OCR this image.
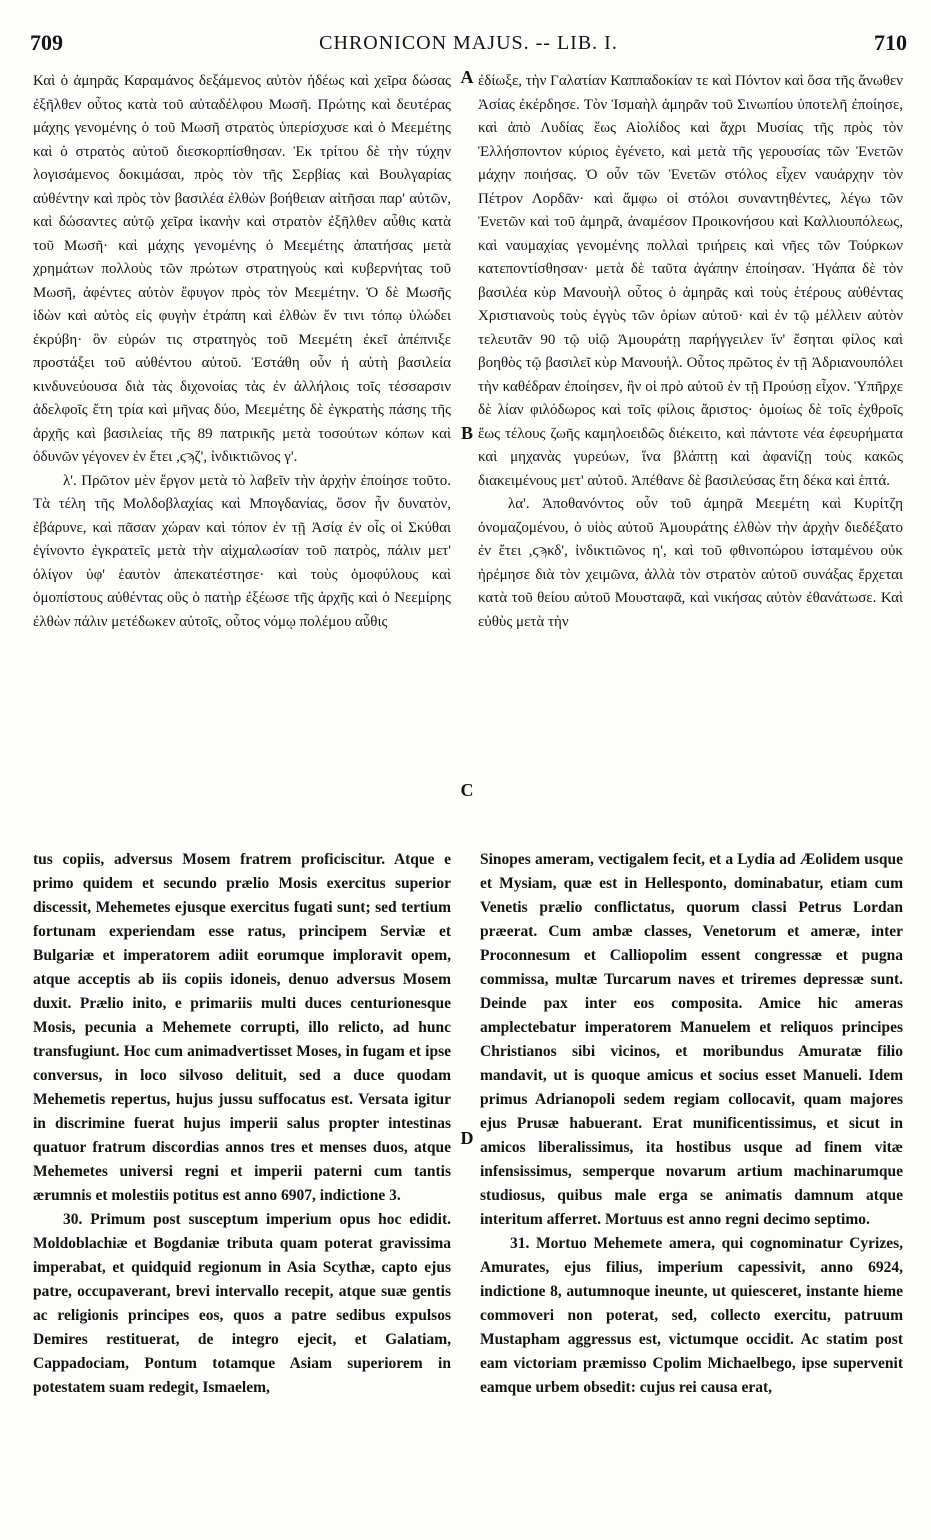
709	CHRONICON MAJUS. -- LIB. I.	710

Καὶ ὁ ἀμηρᾶς Καραμάνος δεξάμενος αὐτὸν ἡδέως καὶ χεῖρα δώσας ἐξῆλθεν οὗτος κατὰ τοῦ αὐταδέλφου Μωσῆ. Πρώτης καὶ δευτέρας μάχης γενομένης ὁ τοῦ Μωσῆ στρατὸς ὑπερίσχυσε καὶ ὁ Μεεμέτης καὶ ὁ στρατὸς αὐτοῦ διεσκορπίσθησαν. Ἐκ τρίτου δὲ τὴν τύχην λογισάμενος δοκιμάσαι, πρὸς τὸν τῆς Σερβίας καὶ Βουλγαρίας αὐθέντην καὶ πρὸς τὸν βασιλέα ἐλθὼν βοήθειαν αἰτῆσαι παρ' αὐτῶν, καὶ δώσαντες αὐτῷ χεῖρα ἱκανὴν καὶ στρατὸν ἐξῆλθεν αὖθις κατὰ τοῦ Μωσῆ· καὶ μάχης γενομένης ὁ Μεεμέτης ἀπατήσας μετὰ χρημάτων πολλοὺς τῶν πρώτων στρατηγοὺς καὶ κυβερνήτας τοῦ Μωσῆ, ἀφέντες αὐτὸν ἔφυγον πρὸς τὸν Μεεμέτην. Ὁ δὲ Μωσῆς ἰδὼν καὶ αὐτὸς εἰς φυγὴν ἐτράπη καὶ ἐλθὼν ἔν τινι τόπῳ ὑλώδει ἐκρύβη· ὃν εὑρών τις στρατηγὸς τοῦ Μεεμέτη ἐκεῖ ἀπέπνιξε προστάξει τοῦ αὐθέντου αὐτοῦ. Ἐστάθη οὖν ἡ αὐτὴ βασιλεία κινδυνεύουσα διὰ τὰς διχονοίας τὰς ἐν ἀλλήλοις τοῖς τέσσαρσιν ἀδελφοῖς ἔτη τρία καὶ μῆνας δύο, Μεεμέτης δὲ ἐγκρατὴς πάσης τῆς ἀρχῆς καὶ βασιλείας τῆς 89 πατρικῆς μετὰ τοσούτων κόπων καὶ ὀδυνῶν γέγονεν ἐν ἔτει ,ϛϡζ', ἰνδικτιῶνος γ'.

λ'. Πρῶτον μὲν ἔργον μετὰ τὸ λαβεῖν τὴν ἀρχὴν ἐποίησε τοῦτο. Τὰ τέλη τῆς Μολδοβλαχίας καὶ Μπογδανίας, ὅσον ἦν δυνατὸν, ἐβάρυνε, καὶ πᾶσαν χώραν καὶ τόπον ἐν τῇ Ἀσίᾳ ἐν οἷς οἱ Σκύθαι ἐγίνοντο ἐγκρατεῖς μετὰ τὴν αἰχμαλωσίαν τοῦ πατρὸς, πάλιν μετ' ὀλίγον ὑφ' ἑαυτὸν ἀπεκατέστησε· καὶ τοὺς ὁμοφύλους καὶ ὁμοπίστους αὐθέντας οὓς ὁ πατὴρ ἐξέωσε τῆς ἀρχῆς καὶ ὁ Νεεμίρης ἐλθὼν πάλιν μετέδωκεν αὐτοῖς, οὗτος νόμῳ πολέμου αὖθις

ἐδίωξε, τὴν Γαλατίαν Καππαδοκίαν τε καὶ Πόντον καὶ ὅσα τῆς ἄνωθεν Ἀσίας ἐκέρδησε. Τὸν Ἰσμαὴλ ἀμηρᾶν τοῦ Σινωπίου ὑποτελῆ ἐποίησε, καὶ ἀπὸ Λυδίας ἕως Αἰολίδος καὶ ἄχρι Μυσίας τῆς πρὸς τὸν Ἑλλήσποντον κύριος ἐγένετο, καὶ μετὰ τῆς γερουσίας τῶν Ἐνετῶν μάχην ποιήσας. Ὁ οὖν τῶν Ἐνετῶν στόλος εἶχεν ναυάρχην τὸν Πέτρον Λορδᾶν· καὶ ἄμφω οἱ στόλοι συναντηθέντες, λέγω τῶν Ἐνετῶν καὶ τοῦ ἀμηρᾶ, ἀναμέσον Προικονήσου καὶ Καλλιουπόλεως, καὶ ναυμαχίας γενομένης πολλαὶ τριήρεις καὶ νῆες τῶν Τούρκων κατεποντίσθησαν· μετὰ δὲ ταῦτα ἀγάπην ἐποίησαν. Ἠγάπα δὲ τὸν βασιλέα κὺρ Μανουὴλ οὗτος ὁ ἀμηρᾶς καὶ τοὺς ἑτέρους αὐθέντας Χριστιανοὺς τοὺς ἐγγὺς τῶν ὁρίων αὐτοῦ· καὶ ἐν τῷ μέλλειν αὐτὸν τελευτᾶν 90 τῷ υἱῷ Ἀμουράτῃ παρήγγειλεν ἵν' ἔσηται φίλος καὶ βοηθὸς τῷ βασιλεῖ κὺρ Μανουήλ. Οὗτος πρῶτος ἐν τῇ Ἀδριανουπόλει τὴν καθέδραν ἐποίησεν, ἣν οἱ πρὸ αὐτοῦ ἐν τῇ Προύσῃ εἶχον. Ὑπῆρχε δὲ λίαν φιλόδωρος καὶ τοῖς φίλοις ἄριστος· ὁμοίως δὲ τοῖς ἐχθροῖς ἕως τέλους ζωῆς καμηλοειδῶς διέκειτο, καὶ πάντοτε νέα ἐφευρήματα καὶ μηχανὰς γυρεύων, ἵνα βλάπτῃ καὶ ἀφανίζῃ τοὺς κακῶς διακειμένους μετ' αὐτοῦ. Ἀπέθανε δὲ βασιλεύσας ἔτη δέκα καὶ ἑπτά.

λα'. Ἀποθανόντος οὖν τοῦ ἀμηρᾶ Μεεμέτη καὶ Κυρίτζη ὀνομαζομένου, ὁ υἱὸς αὐτοῦ Ἀμουράτης ἐλθὼν τὴν ἀρχὴν διεδέξατο ἐν ἔτει ,ϛϡκδ', ἰνδικτιῶνος η', καὶ τοῦ φθινοπώρου ἱσταμένου οὐκ ἠρέμησε διὰ τὸν χειμῶνα, ἀλλὰ τὸν στρατὸν αὐτοῦ συνάξας ἔρχεται κατὰ τοῦ θείου αὐτοῦ Μουσταφᾶ, καὶ νικήσας αὐτὸν ἐθανάτωσε. Καὶ εὐθὺς μετὰ τὴν

A
B
C
D

tus copiis, adversus Mosem fratrem proficiscitur. Atque e primo quidem et secundo prælio Mosis exercitus superior discessit, Mehemetes ejusque exercitus fugati sunt; sed tertium fortunam experiendam esse ratus, principem Serviæ et Bulgariæ et imperatorem adiit eorumque imploravit opem, atque acceptis ab iis copiis idoneis, denuo adversus Mosem duxit. Prælio inito, e primariis multi duces centurionesque Mosis, pecunia a Mehemete corrupti, illo relicto, ad hunc transfugiunt. Hoc cum animadvertisset Moses, in fugam et ipse conversus, in loco silvoso delituit, sed a duce quodam Mehemetis repertus, hujus jussu suffocatus est. Versata igitur in discrimine fuerat hujus imperii salus propter intestinas quatuor fratrum discordias annos tres et menses duos, atque Mehemetes universi regni et imperii paterni cum tantis ærumnis et molestiis potitus est anno 6907, indictione 3.

30. Primum post susceptum imperium opus hoc edidit. Moldoblachiæ et Bogdaniæ tributa quam poterat gravissima imperabat, et quidquid regionum in Asia Scythæ, capto ejus patre, occupaverant, brevi intervallo recepit, atque suæ gentis ac religionis principes eos, quos a patre sedibus expulsos Demires restituerat, de integro ejecit, et Galatiam, Cappadociam, Pontum totamque Asiam superiorem in potestatem suam redegit, Ismaelem,

Sinopes ameram, vectigalem fecit, et a Lydia ad Æolidem usque et Mysiam, quæ est in Hellesponto, dominabatur, etiam cum Venetis prælio conflictatus, quorum classi Petrus Lordan præerat. Cum ambæ classes, Venetorum et ameræ, inter Proconnesum et Calliopolim essent congressæ et pugna commissa, multæ Turcarum naves et triremes depressæ sunt. Deinde pax inter eos composita. Amice hic ameras amplectebatur imperatorem Manuelem et reliquos principes Christianos sibi vicinos, et moribundus Amuratæ filio mandavit, ut is quoque amicus et socius esset Manueli. Idem primus Adrianopoli sedem regiam collocavit, quam majores ejus Prusæ habuerant. Erat munificentissimus, et sicut in amicos liberalissimus, ita hostibus usque ad finem vitæ infensissimus, semperque novarum artium machinarumque studiosus, quibus male erga se animatis damnum atque interitum afferret. Mortuus est anno regni decimo septimo.

31. Mortuo Mehemete amera, qui cognominatur Cyrizes, Amurates, ejus filius, imperium capessivit, anno 6924, indictione 8, autumnoque ineunte, ut quiesceret, instante hieme commoveri non poterat, sed, collecto exercitu, patruum Mustapham aggressus est, victumque occidit. Ac statim post eam victoriam præmisso Cpolim Michaelbego, ipse supervenit eamque urbem obsedit: cujus rei causa erat,
